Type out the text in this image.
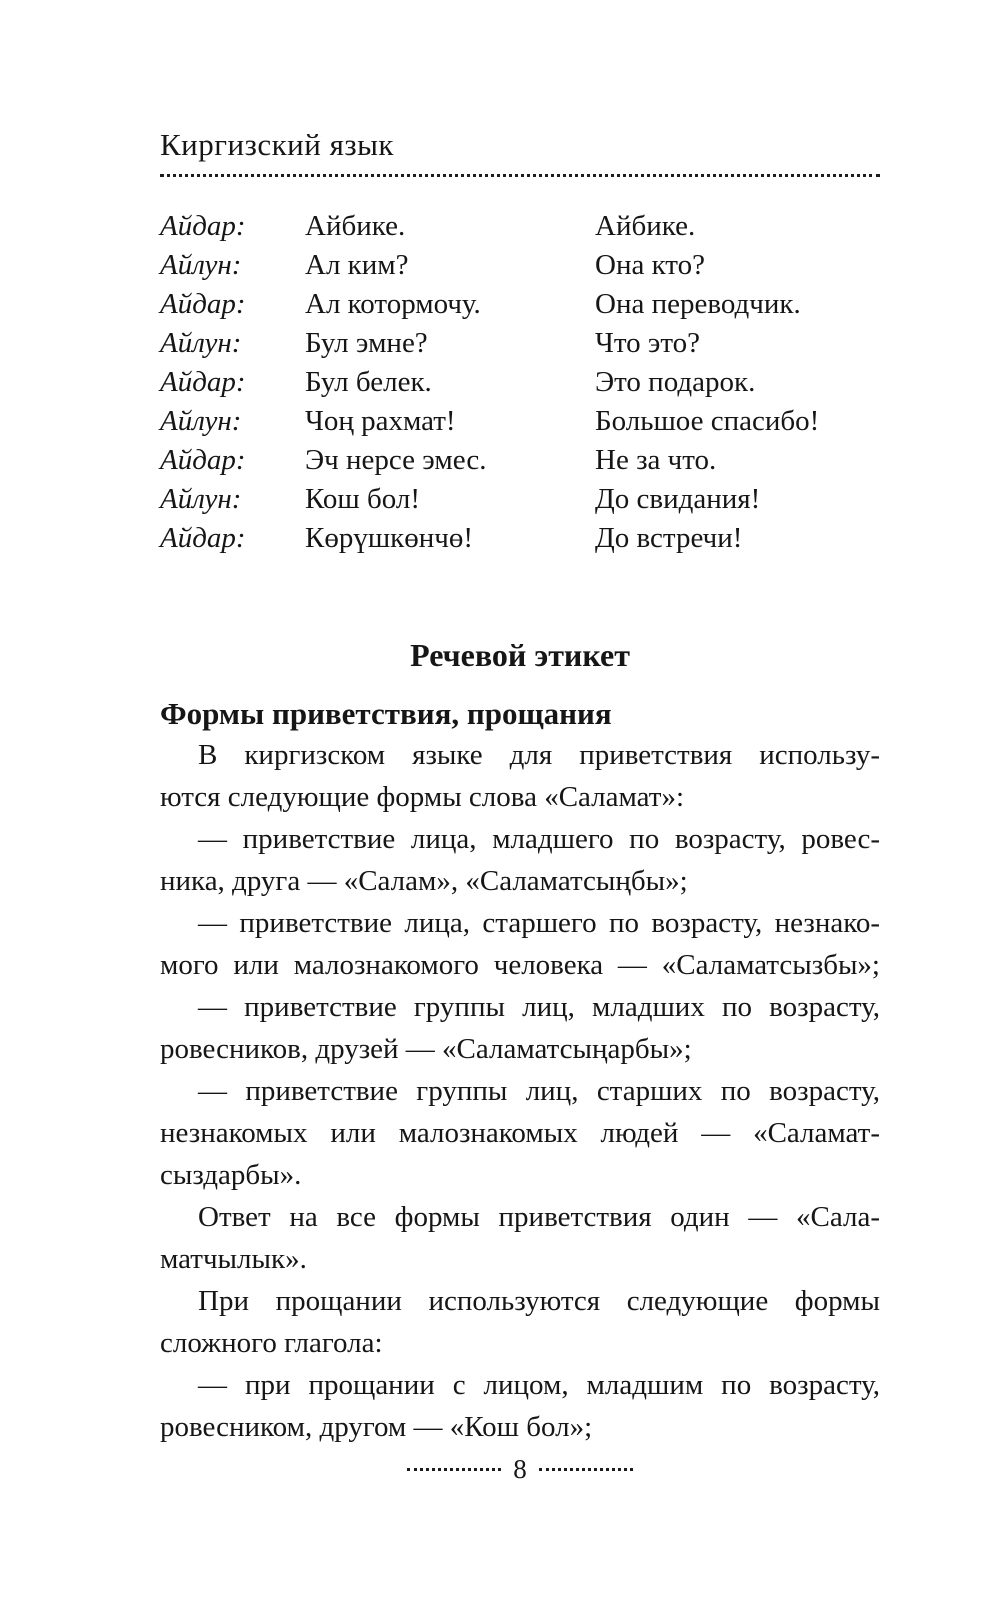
Киргизский язык
Айдар:	Айбике.	Айбике.
Айлун:	Ал ким?	Она кто?
Айдар:	Ал котормочу.	Она переводчик.
Айлун:	Бул эмне?	Что это?
Айдар:	Бул белек.	Это подарок.
Айлун:	Чоң рахмат!	Большое спасибо!
Айдар:	Эч нерсе эмес.	Не за что.
Айлун:	Кош бол!	До свидания!
Айдар:	Көрүшкөнчө!	До встречи!
Речевой этикет
Формы приветствия, прощания
В киргизском языке для приветствия использу-
ются следующие формы слова «Саламат»:
— приветствие лица, младшего по возрасту, ровес-
ника, друга — «Салам», «Саламатсыңбы»;
— приветствие лица, старшего по возрасту, незнако-
мого или малознакомого человека — «Саламатсызбы»;
— приветствие группы лиц, младших по возрасту,
ровесников, друзей — «Саламатсыңарбы»;
— приветствие группы лиц, старших по возрасту,
незнакомых или малознакомых людей — «Саламат-
сыздарбы».
Ответ на все формы приветствия один — «Сала-
матчылык».
При прощании используются следующие формы
сложного глагола:
— при прощании с лицом, младшим по возрасту,
ровесником, другом — «Кош бол»;
8
